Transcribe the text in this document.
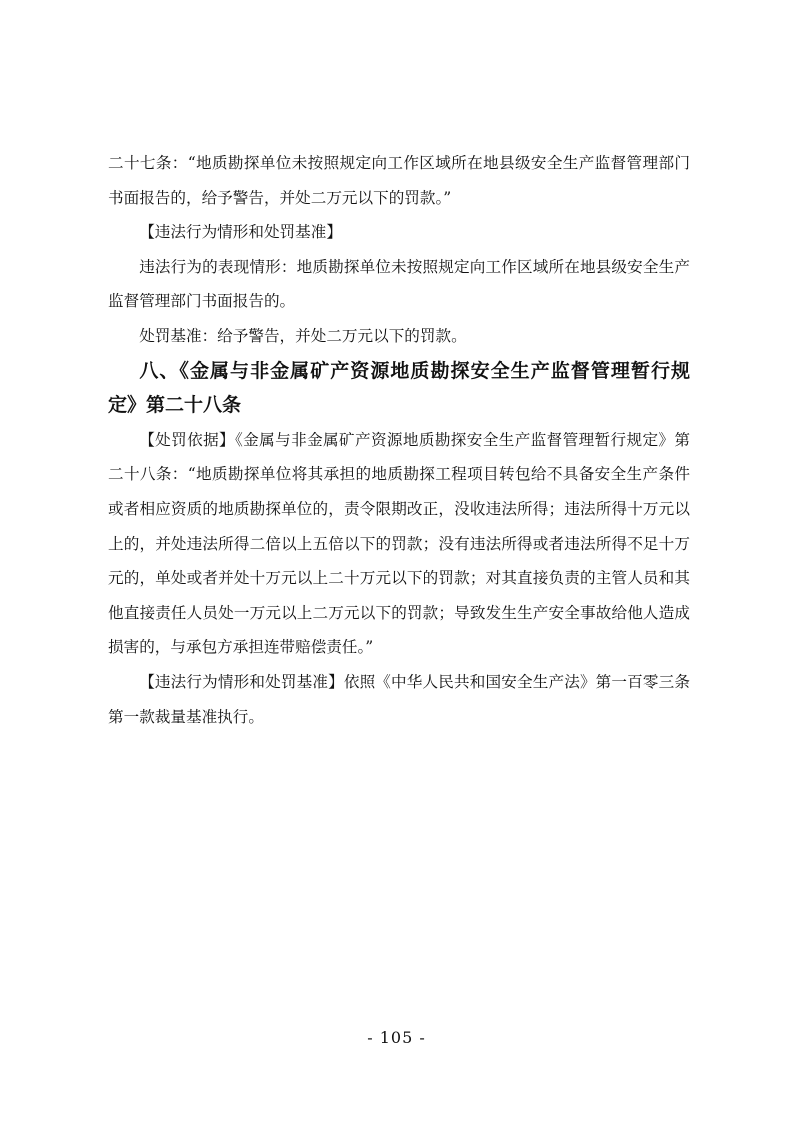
二十七条：“地质勘探单位未按照规定向工作区域所在地县级安全生产监督管理部门书面报告的，给予警告，并处二万元以下的罚款。”

【违法行为情形和处罚基准】

违法行为的表现情形：地质勘探单位未按照规定向工作区域所在地县级安全生产监督管理部门书面报告的。

处罚基准：给予警告，并处二万元以下的罚款。

八、《金属与非金属矿产资源地质勘探安全生产监督管理暂行规定》第二十八条

【处罚依据】《金属与非金属矿产资源地质勘探安全生产监督管理暂行规定》第二十八条：“地质勘探单位将其承担的地质勘探工程项目转包给不具备安全生产条件或者相应资质的地质勘探单位的，责令限期改正，没收违法所得；违法所得十万元以上的，并处违法所得二倍以上五倍以下的罚款；没有违法所得或者违法所得不足十万元的，单处或者并处十万元以上二十万元以下的罚款；对其直接负责的主管人员和其他直接责任人员处一万元以上二万元以下的罚款；导致发生生产安全事故给他人造成损害的，与承包方承担连带赔偿责任。”

【违法行为情形和处罚基准】依照《中华人民共和国安全生产法》第一百零三条第一款裁量基准执行。

- 105 -
